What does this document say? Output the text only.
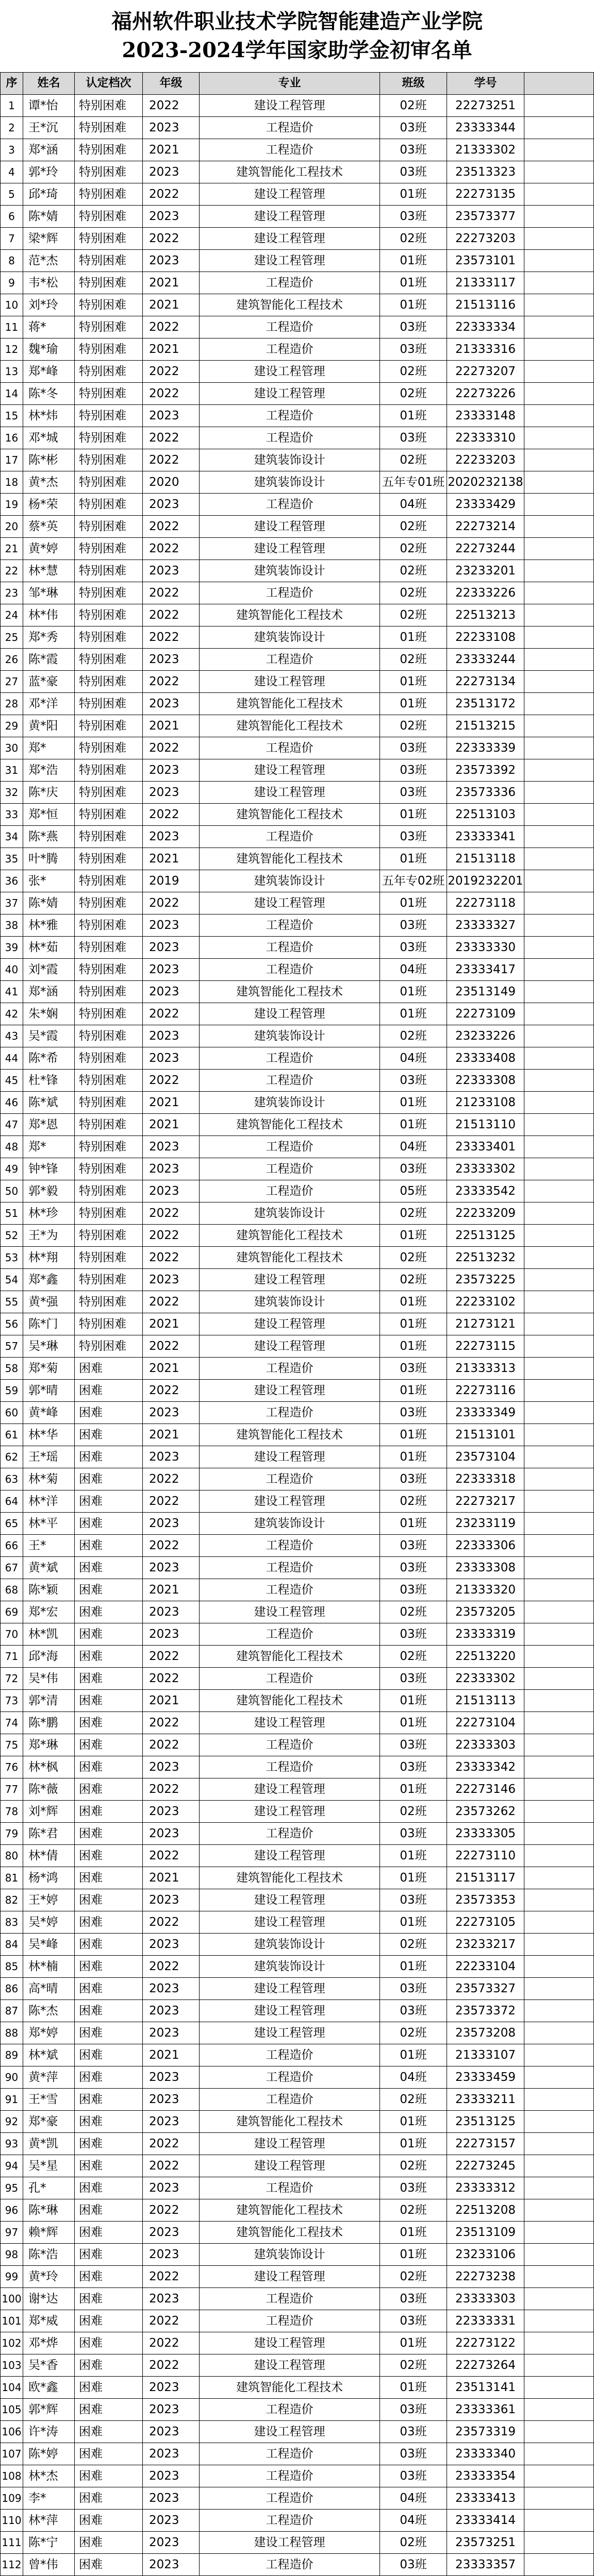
福州软件职业技术学院智能建造产业学院
2023-2024学年国家助学金初审名单
序	姓名	认定档次	年级	专业	班级	学号
1	谭*怡	特别困难	2022	建设工程管理	02班	22273251
2	王*沉	特别困难	2023	工程造价	03班	23333344
3	郑*涵	特别困难	2021	工程造价	03班	21333302
4	郭*玲	特别困难	2023	建筑智能化工程技术	03班	23513323
5	邱*琦	特别困难	2022	建设工程管理	01班	22273135
6	陈*婧	特别困难	2023	建设工程管理	03班	23573377
7	梁*辉	特别困难	2022	建设工程管理	02班	22273203
8	范*杰	特别困难	2023	建设工程管理	01班	23573101
9	韦*松	特别困难	2021	工程造价	01班	21333117
10 刘*玲	特别困难	2021	建筑智能化工程技术	01班	21513116
11 蒋*	特别困难	2022	工程造价	03班	22333334
12 魏*瑜	特别困难	2021	工程造价	03班	21333316
13 郑*峰	特别困难	2022	建设工程管理	02班	22273207
14 陈*冬	特别困难	2022	建设工程管理	02班	22273226
15 林*炜	特别困难	2023	工程造价	01班	23333148
16 邓*城	特别困难	2022	工程造价	03班	22333310
17 陈*彬	特别困难	2022	建筑装饰设计	02班	22233203
18 黄*杰	特别困难	2020	建筑装饰设计	五年专01班 2020232138
19 杨*荣	特别困难	2023	工程造价	04班	23333429
20 蔡*英	特别困难	2022	建设工程管理	02班	22273214
21 黄*婷	特别困难	2022	建设工程管理	02班	22273244
22 林*慧	特别困难	2023	建筑装饰设计	02班	23233201
23 邹*琳	特别困难	2022	工程造价	02班	22333226
24 林*伟	特别困难	2022	建筑智能化工程技术	02班	22513213
25 郑*秀	特别困难	2022	建筑装饰设计	01班	22233108
26 陈*霞	特别困难	2023	工程造价	02班	23333244
27 蓝*豪	特别困难	2022	建设工程管理	01班	22273134
28 邓*洋	特别困难	2023	建筑智能化工程技术	01班	23513172
29 黄*阳	特别困难	2021	建筑智能化工程技术	02班	21513215
30 郑*	特别困难	2022	工程造价	03班	22333339
31 郑*浩	特别困难	2023	建设工程管理	03班	23573392
32 陈*庆	特别困难	2023	建设工程管理	03班	23573336
33 郑*恒	特别困难	2022	建筑智能化工程技术	01班	22513103
34 陈*燕	特别困难	2023	工程造价	03班	23333341
35 叶*腾	特别困难	2021	建筑智能化工程技术	01班	21513118
36 张*	特别困难	2019	建筑装饰设计	五年专02班 2019232201
37 陈*婧	特别困难	2022	建设工程管理	01班	22273118
38 林*雅	特别困难	2023	工程造价	03班	23333327
39 林*茹	特别困难	2023	工程造价	03班	23333330
40 刘*霞	特别困难	2023	工程造价	04班	23333417
41 郑*涵	特别困难	2023	建筑智能化工程技术	01班	23513149
42 朱*娴	特别困难	2022	建设工程管理	01班	22273109
43 吴*霞	特别困难	2023	建筑装饰设计	02班	23233226
44 陈*希	特别困难	2023	工程造价	04班	23333408
45 杜*锋	特别困难	2022	工程造价	03班	22333308
46 陈*斌	特别困难	2021	建筑装饰设计	01班	21233108
47 郑*恩	特别困难	2021	建筑智能化工程技术	01班	21513110
48 郑*	特别困难	2023	工程造价	04班	23333401
49 钟*锋	特别困难	2023	工程造价	03班	23333302
50 郭*毅	特别困难	2023	工程造价	05班	23333542
51 林*珍	特别困难	2022	建筑装饰设计	02班	22233209
52 王*为	特别困难	2022	建筑智能化工程技术	01班	22513125
53 林*翔	特别困难	2022	建筑智能化工程技术	02班	22513232
54 郑*鑫	特别困难	2023	建设工程管理	02班	23573225
55 黄*强	特别困难	2022	建筑装饰设计	01班	22233102
56 陈*门	特别困难	2021	建设工程管理	01班	21273121
57 吴*琳	特别困难	2022	建设工程管理	01班	22273115
58 郑*菊	困难	2021	工程造价	03班	21333313
59 郭*晴	困难	2022	建设工程管理	01班	22273116
60 黄*峰	困难	2023	工程造价	03班	23333349
61 林*华	困难	2021	建筑智能化工程技术	01班	21513101
62 王*瑶	困难	2023	建设工程管理	01班	23573104
63 林*菊	困难	2022	工程造价	03班	22333318
64 林*洋	困难	2022	建设工程管理	02班	22273217
65 林*平	困难	2023	建筑装饰设计	01班	23233119
66 王*	困难	2022	工程造价	03班	22333306
67 黄*斌	困难	2023	工程造价	03班	23333308
68 陈*颖	困难	2021	工程造价	03班	21333320
69 郑*宏	困难	2023	建设工程管理	02班	23573205
70 林*凯	困难	2023	工程造价	03班	23333319
71 邱*海	困难	2022	建筑智能化工程技术	02班	22513220
72 吴*伟	困难	2022	工程造价	03班	22333302
73 郭*清	困难	2021	建筑智能化工程技术	01班	21513113
74 陈*鹏	困难	2022	建设工程管理	01班	22273104
75 郑*琳	困难	2022	工程造价	03班	22333303
76 林*枫	困难	2023	工程造价	03班	23333342
77 陈*薇	困难	2022	建设工程管理	01班	22273146
78 刘*辉	困难	2023	建设工程管理	02班	23573262
79 陈*君	困难	2023	工程造价	03班	23333305
80 林*倩	困难	2022	建设工程管理	01班	22273110
81 杨*鸿	困难	2021	建筑智能化工程技术	01班	21513117
82 王*婷	困难	2023	建设工程管理	03班	23573353
83 吴*婷	困难	2022	建设工程管理	01班	22273105
84 吴*峰	困难	2023	建筑装饰设计	02班	23233217
85 林*楠	困难	2022	建筑装饰设计	01班	22233104
86 高*晴	困难	2023	建设工程管理	03班	23573327
87 陈*杰	困难	2023	建设工程管理	03班	23573372
88 郑*婷	困难	2023	建设工程管理	02班	23573208
89 林*斌	困难	2021	工程造价	01班	21333107
90 黄*萍	困难	2023	工程造价	04班	23333459
91 王*雪	困难	2023	工程造价	02班	23333211
92 郑*豪	困难	2023	建筑智能化工程技术	01班	23513125
93 黄*凯	困难	2022	建设工程管理	01班	22273157
94 吴*星	困难	2022	建设工程管理	02班	22273245
95 孔*	困难	2023	工程造价	03班	23333312
96 陈*琳	困难	2022	建筑智能化工程技术	02班	22513208
97 赖*辉	困难	2023	建筑智能化工程技术	01班	23513109
98 陈*浩	困难	2023	建筑装饰设计	01班	23233106
99 黄*玲	困难	2022	建设工程管理	02班	22273238
100 谢*达	困难	2023	工程造价	03班	23333303
101 郑*威	困难	2022	工程造价	03班	22333331
102 邓*烨	困难	2022	建设工程管理	01班	22273122
103 吴*香	困难	2022	建设工程管理	02班	22273264
104 欧*鑫	困难	2023	建筑智能化工程技术	01班	23513141
105 郭*辉	困难	2023	工程造价	03班	23333361
106 许*涛	困难	2023	建设工程管理	03班	23573319
107 陈*婷	困难	2023	工程造价	03班	23333340
108 林*杰	困难	2023	工程造价	03班	23333354
109 李*	困难	2023	工程造价	04班	23333413
110 林*萍	困难	2023	工程造价	04班	23333414
111 陈*宁	困难	2023	建设工程管理	02班	23573251
112 曾*伟	困难	2023	工程造价	03班	23333357
